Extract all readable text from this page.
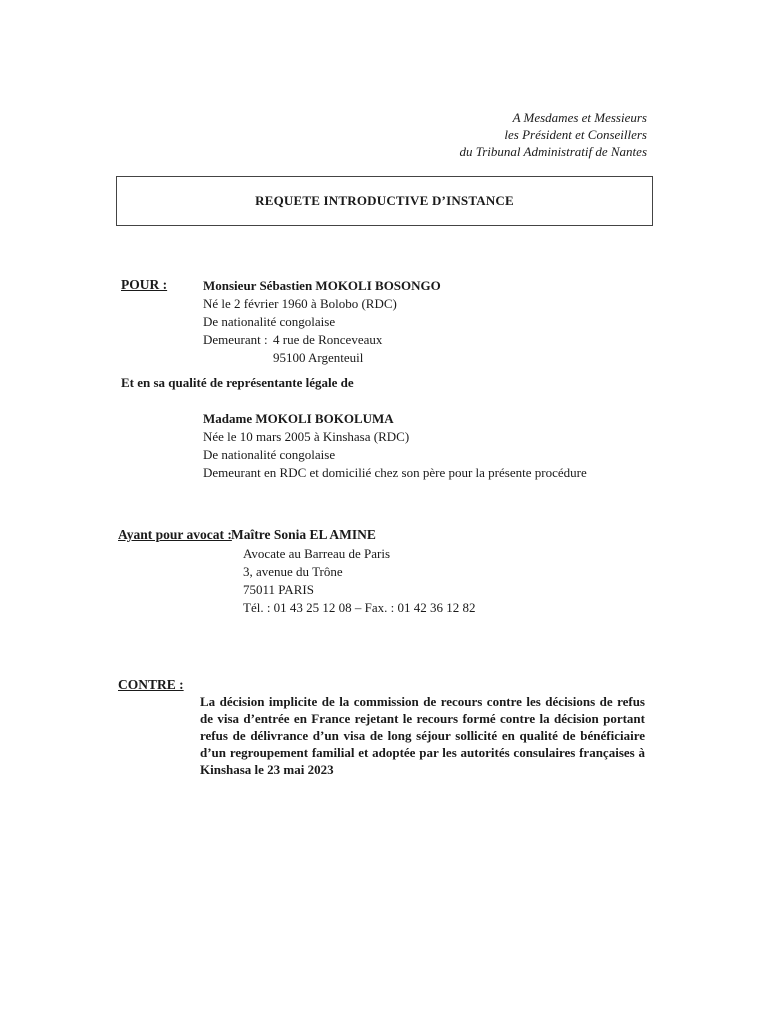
A Mesdames et Messieurs
les Président et Conseillers
du Tribunal Administratif de Nantes
REQUETE INTRODUCTIVE D’INSTANCE
POUR :	Monsieur Sébastien MOKOLI BOSONGO
Né le 2 février 1960 à Bolobo (RDC)
De nationalité congolaise
Demeurant : 4 rue de Ronceveaux
95100 Argenteuil
Et en sa qualité de représentante légale de
Madame MOKOLI BOKOLUMA
Née le 10 mars 2005 à Kinshasa (RDC)
De nationalité congolaise
Demeurant en RDC et domicilié chez son père pour la présente procédure
Ayant pour avocat : Maître Sonia EL AMINE
Avocate au Barreau de Paris
3, avenue du Trône
75011 PARIS
Tél. : 01 43 25 12 08 – Fax. : 01 42 36 12 82
CONTRE :
La décision implicite de la commission de recours contre les décisions de refus de visa d’entrée en France rejetant le recours formé contre la décision portant refus de délivrance d’un visa de long séjour sollicité en qualité de bénéficiaire d’un regroupement familial et adoptée par les autorités consulaires françaises à Kinshasa le 23 mai 2023
